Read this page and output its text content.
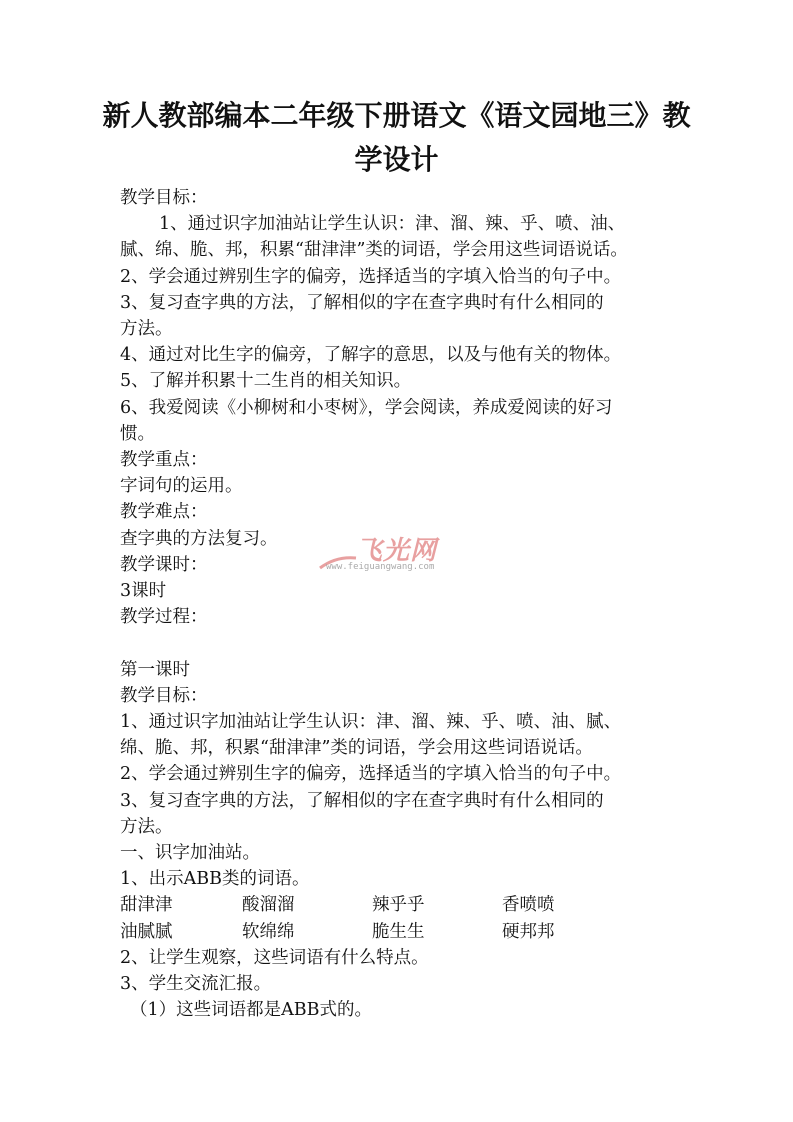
新人教部编本二年级下册语文《语文园地三》教
学设计

教学目标：

1、通过识字加油站让学生认识：津、溜、辣、乎、喷、油、

腻、绵、脆、邦，积累“甜津津”类的词语，学会用这些词语说话。

2、学会通过辨别生字的偏旁，选择适当的字填入恰当的句子中。

3、复习查字典的方法，了解相似的字在查字典时有什么相同的

方法。

4、通过对比生字的偏旁，了解字的意思，以及与他有关的物体。

5、了解并积累十二生肖的相关知识。

6、我爱阅读《小柳树和小枣树》，学会阅读，养成爱阅读的好习

惯。

教学重点：

字词句的运用。

教学难点：

查字典的方法复习。

教学课时：

3课时

教学过程：

第一课时

教学目标：

1、通过识字加油站让学生认识：津、溜、辣、乎、喷、油、腻、

绵、脆、邦，积累“甜津津”类的词语，学会用这些词语说话。

2、学会通过辨别生字的偏旁，选择适当的字填入恰当的句子中。

3、复习查字典的方法，了解相似的字在查字典时有什么相同的

方法。

一、识字加油站。

1、出示ABB类的词语。

甜津津	酸溜溜	辣乎乎	香喷喷
油腻腻	软绵绵	脆生生	硬邦邦

2、让学生观察，这些词语有什么特点。

3、学生交流汇报。

（1）这些词语都是ABB式的。

飞光网
www.feiguangwang.com
